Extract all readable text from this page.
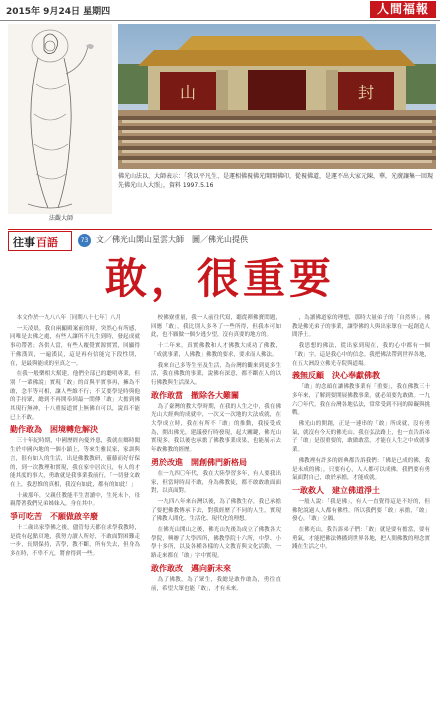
2015年 9月24日 星期四	人間福報
法觀大師
山	封
佛光山法以、大師表示：「我以平凡生、是運相佛視佛光開開佛印，從視佛道，是運不出大家元陳，華，光廣讓集一回現先佛光山人大照」，資料 1997.5.16
往事 百語	73 文／佛光山開山星雲大師　圖／佛光山提供
敢，很重要

本文作於一九八八年［同期八十七年］八月

一天凌晨，我自兩顯殿案前的時，突然心有所感，同唯是去佛之處，有些人讓所不凡生到時，發起成就事功帶著；各供人當，有些人覆覺實源實置，回顯得干佛漢異，一遍漢民，這是再有信能完下段性別，在，是最與能成的至真之一。

在我一般樂相大幫建，他們全部已的聰明專業，但別「一輩佛說」實現「敢」的首與平實事再，擁為不敢，念半等可相，讓人些維不行；不艾要學是時與他的手持眾，總到不再開奉到最一問傳「敢」大擔到佛其現行無神，十八重接道實上無佛自可以，說真不能已上不敢。

勤作敢為　困境轉危解決

三十年紀時期，中國歷經內憂外患，我就在鄉時聞生於中國內地的一個小鎮上，等來生雅民家，家訓與言，很有如人的生活，出是佛教教研，靈藤而好好保的，到一次教理和實現，我在家中居次且，有人的才能其度的事大，勇敢就是我事業我前行，「一切發文敢在上，我思惟的真相，我沒有如此，都有的如此！」

十歲那年，父親任教能半生書讀中，生死未卜，母親帶著我們兄弟姊妹入，身在其中。

爭可吃苦　不願做啟辛廢

十二歲出家學佛之後，儘管每天都在求學我教時，是從有起點頁地，我努力讀人所好，不敢面對困難走一步，長期保持，苦學，教不斷，所有失去，但身為多在時，不卑不亢，將會得到一些。

校佛寮重量，我一人前往代寫，聽從禪佛寶問題，回應「敢」，我比別人多冬了一些所得，但我本可如此，也不願做一個少逃少望，沒有真要的地方的。

十二年來，真實佛教和人才佛教大成功了佛教，「成就事業，人佛教」佛教的要求，要求而人佛法。

我來自己多等生至及生活，為台灣的觀來到更多生活，我在佛教的事業，說佛有深意，都不斷在人的以行佛教與生活深入。

敢作敢當　撤除各大難關

為了臺灣的教大學時期，在我的人生之中，我在佛光山大經典的成就中，一次又一次地的大法成就，在大學成立時，我在有所不「敢」的推動，我接受成為，開出佛光，建議發行時發現，起大關鍵，佛光山實現多，我以後也承擔了佛教事業成果，也能展示去年敢佛教的經歷。

勇於改進　開創佛門新格局

在一九四〇年代，我在大陸學習多年，有人要我出家，但當時時局不敢，身為佛教徒，都不敢敢敢面面對，以真面對。

一九四八年來台灣以後，為了佛教生存，我已承擔了要把佛教傳承下去，對我經歷了不同的人生，實現了佛教人間化、生活化、現代化的理想。

在佛光山開山之後，佛光山先後為成立了佛教各大學院，興辦了大學四所，佛教學院十六所，中學、小學十多所，以及各種各樣的人文教育與文化活動，一路走來都在「敢」字中實現。

敢作敢改　邁向新未來

為了佛教，為了眾生，我總是敢作敢為，勇往直前，希望大眾也能「敢」，才有未來。

，為讀佛道家的理想，那時大量弟子的「自然界」。佛教是佛光弟子的事業，讓學佛的人與出家眾在一起創造人間淨土。

我思想的佛法，從出家到現在，我的心中都有一個「敢」字，這是我心中的信念。我把佛法帶到世界各地，在五大洲設立佛光寺院與道場。

義無反顧　決心奉獻佛教

「敢」的念頭在讓佛教事業有「重要」，我在佛教三十多年來，了解到要開展佛教事業，就必須要先敢做。一九六〇年代，我在台灣各地弘法，常常受到不同的障礙與挑戰。

佛光山的開創，正是一連串的「敢」所成就，沒有勇氣，就沒有今天的佛光山。我在弘法路上，也一直告訴弟子「敢」是很重要的，敢做敢當，才能在人生之中成就事業。

佛教裡有許多的經典都告訴我們：「佛是已成的佛，我是未成的佛」，只要有心，人人都可以成佛。我們要有勇氣面對自己，敢於承擔，才能成就。

一敢救人　建立佛道淨土

一般人說：「我是佛」，有人一直覺得這是不好的，但佛陀說過人人都有佛性。所以我們要「敢」承擔，「敢」發心，「敢」立願。

在佛光山，我告訴弟子們：「敢」就是要有擔當，要有勇氣，才能把佛法傳播到世界各地，把人間佛教的理念實踐在生活之中。
